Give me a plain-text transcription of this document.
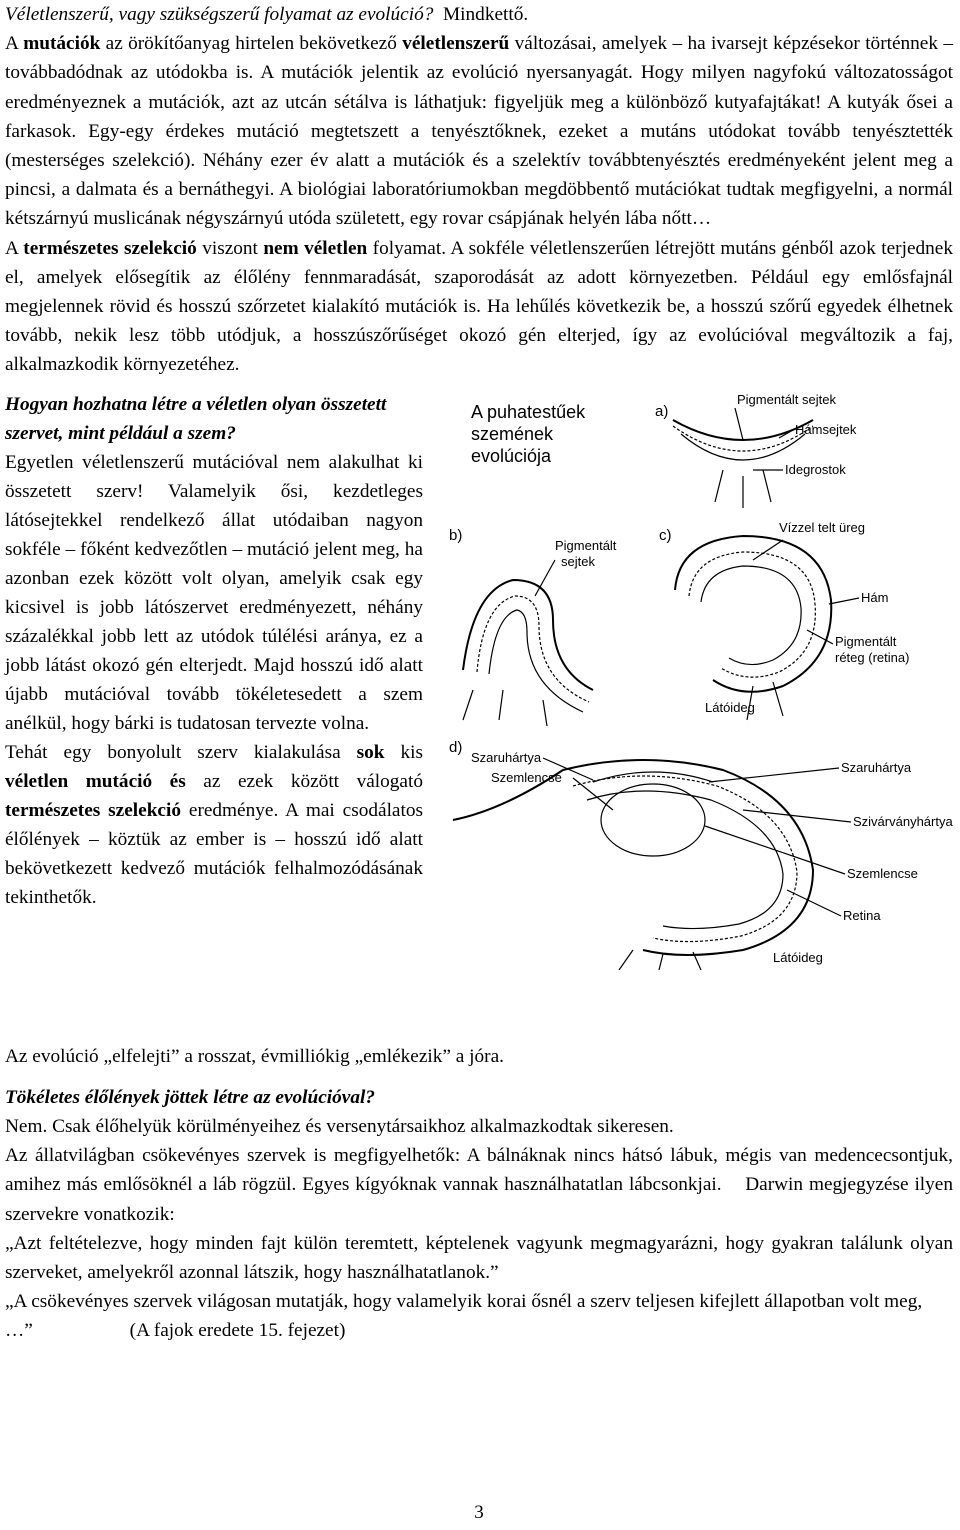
Véletlenszerű, vagy szükségszerű folyamat az evolúció? Mindkettő.

A mutációk az örökítőanyag hirtelen bekövetkező véletlenszerű változásai, amelyek – ha ivarsejt képzésekor történnek – továbbadódnak az utódokba is. A mutációk jelentik az evolúció nyersanyagát. Hogy milyen nagyfokú változatosságot eredményeznek a mutációk, azt az utcán sétálva is láthatjuk: figyeljük meg a különböző kutyafajtákat! A kutyák ősei a farkasok. Egy-egy érdekes mutáció megtetszett a tenyésztőknek, ezeket a mutáns utódokat tovább tenyésztették (mesterséges szelekció). Néhány ezer év alatt a mutációk és a szelektív továbbtenyésztés eredményeként jelent meg a pincsi, a dalmata és a bernáthegyi. A biológiai laboratóriumokban megdöbbentő mutációkat tudtak megfigyelni, a normál kétszárnyú muslicának négyszárnyú utóda született, egy rovar csápjának helyén lába nőtt…

A természetes szelekció viszont nem véletlen folyamat. A sokféle véletlenszerűen létrejött mutáns génből azok terjednek el, amelyek elősegítik az élőlény fennmaradását, szaporodását az adott környezetben. Például egy emlősfajnál megjelennek rövid és hosszú szőrzetet kialakító mutációk is. Ha lehűlés következik be, a hosszú szőrű egyedek élhetnek tovább, nekik lesz több utódjuk, a hosszúszőrűséget okozó gén elterjed, így az evolúcióval megváltozik a faj, alkalmazkodik környezetéhez.

Hogyan hozhatna létre a véletlen olyan összetett szervet, mint például a szem?

Egyetlen véletlenszerű mutációval nem alakulhat ki összetett szerv! Valamelyik ősi, kezdetleges látósejtekkel rendelkező állat utódaiban nagyon sokféle – főként kedvezőtlen – mutáció jelent meg, ha azonban ezek között volt olyan, amelyik csak egy kicsivel is jobb látószervet eredményezett, néhány százalékkal jobb lett az utódok túlélési aránya, ez a jobb látást okozó gén elterjedt. Majd hosszú idő alatt újabb mutációval tovább tökéletesedett a szem anélkül, hogy bárki is tudatosan tervezte volna.

Tehát egy bonyolult szerv kialakulása sok kis véletlen mutáció és az ezek között válogató természetes szelekció eredménye. A mai csodálatos élőlények – köztük az ember is – hosszú idő alatt bekövetkezett kedvező mutációk felhalmozódásának tekinthetők.

A puhatestűek
szemének
evolúciója
a)
Pigmentált sejtek
Hámsejtek
Idegrostok
b)
Pigmentált
sejtek
c)	Vízzel telt üreg
Hám
Pigmentált
réteg (retina)
Látóideg
d)
Szaruhártya
Szemlencse
Szaruhártya
Szivárványhártya
Szemlencse
Retina
Látóideg

Az evolúció „elfelejti” a rosszat, évmilliókig „emlékezik” a jóra.

Tökéletes élőlények jöttek létre az evolúcióval?

Nem. Csak élőhelyük körülményeihez és versenytársaikhoz alkalmazkodtak sikeresen.

Az állatvilágban csökevényes szervek is megfigyelhetők: A bálnáknak nincs hátsó lábuk, mégis van medencecsontjuk, amihez más emlősöknél a láb rögzül. Egyes kígyóknak vannak használhatatlan lábcsonkjai.    Darwin megjegyzése ilyen szervekre vonatkozik:

„Azt feltételezve, hogy minden fajt külön teremtett, képtelenek vagyunk megmagyarázni, hogy gyakran találunk olyan szerveket, amelyekről azonnal látszik, hogy használhatatlanok.”

„A csökevényes szervek világosan mutatják, hogy valamelyik korai ősnél a szerv teljesen kifejlett állapotban volt meg, …”	(A fajok eredete 15. fejezet)

3
